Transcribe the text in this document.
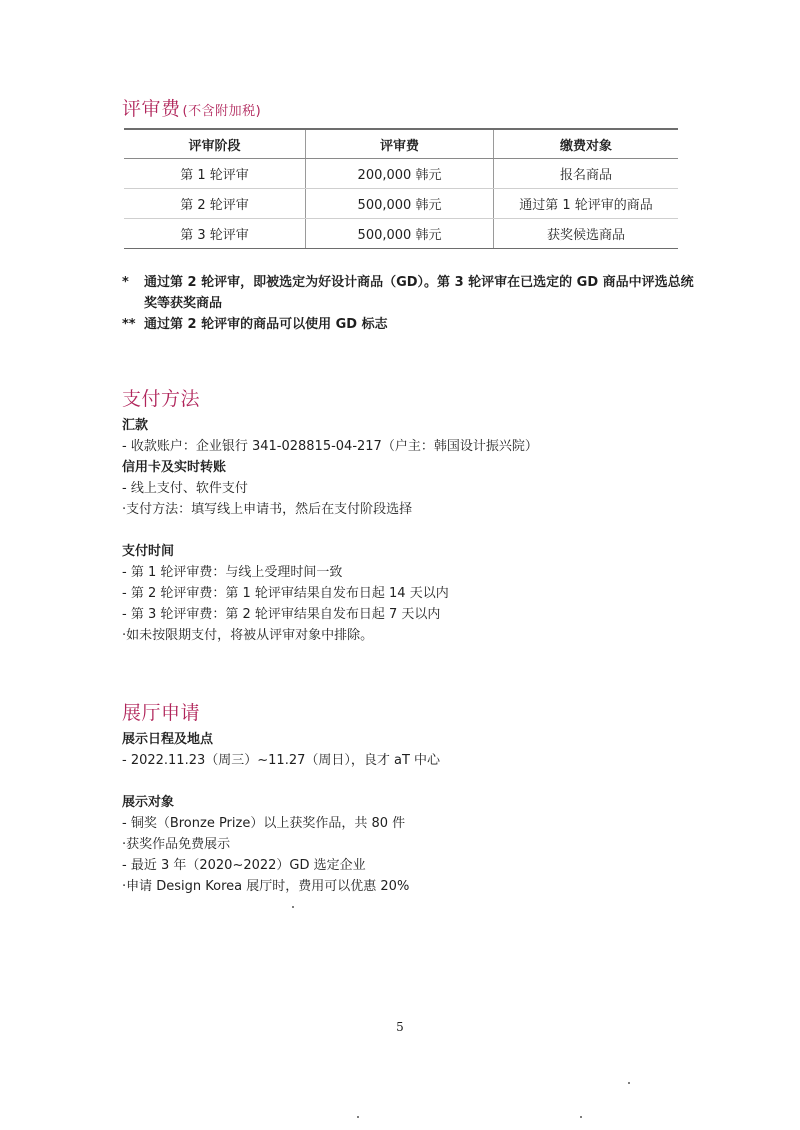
评审费 (不含附加税)
评审阶段	评审费	缴费对象
第 1 轮评审	200,000 韩元	报名商品
第 2 轮评审	500,000 韩元	通过第 1 轮评审的商品
第 3 轮评审	500,000 韩元	获奖候选商品
*	通过第 2 轮评审，即被选定为好设计商品（GD）。第 3 轮评审在已选定的 GD 商品中评选总统奖等获奖商品
** 通过第 2 轮评审的商品可以使用 GD 标志
支付方法
汇款
- 收款账户：企业银行 341-028815-04-217（户主：韩国设计振兴院）
信用卡及实时转账
- 线上支付、软件支付
·支付方法：填写线上申请书，然后在支付阶段选择
支付时间
- 第 1 轮评审费：与线上受理时间一致
- 第 2 轮评审费：第 1 轮评审结果自发布日起 14 天以内
- 第 3 轮评审费：第 2 轮评审结果自发布日起 7 天以内
·如未按限期支付，将被从评审对象中排除。
展厅申请
展示日程及地点
- 2022.11.23（周三）~11.27（周日），良才 aT 中心
展示对象
- 铜奖（Bronze Prize）以上获奖作品，共 80 件
·获奖作品免费展示
- 最近 3 年（2020~2022）GD 选定企业
·申请 Design Korea 展厅时，费用可以优惠 20%
5
